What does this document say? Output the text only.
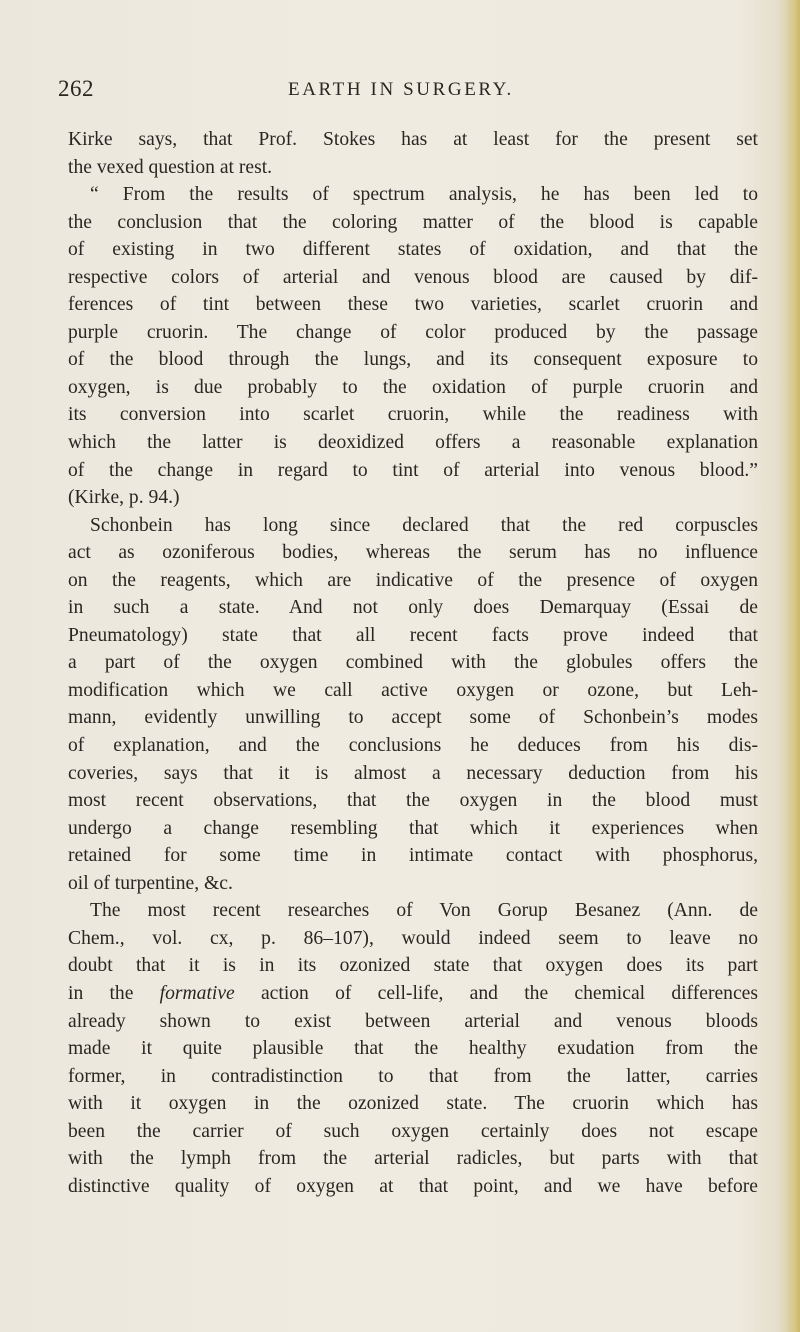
262	EARTH IN SURGERY.
Kirke says, that Prof. Stokes has at least for the present set
the vexed question at rest.
“ From the results of spectrum analysis, he has been led to
the conclusion that the coloring matter of the blood is capable
of existing in two different states of oxidation, and that the
respective colors of arterial and venous blood are caused by dif-
ferences of tint between these two varieties, scarlet cruorin and
purple cruorin. The change of color produced by the passage
of the blood through the lungs, and its consequent exposure to
oxygen, is due probably to the oxidation of purple cruorin and
its conversion into scarlet cruorin, while the readiness with
which the latter is deoxidized offers a reasonable explanation
of the change in regard to tint of arterial into venous blood.”
(Kirke, p. 94.)
Schonbein has long since declared that the red corpuscles
act as ozoniferous bodies, whereas the serum has no influence
on the reagents, which are indicative of the presence of oxygen
in such a state. And not only does Demarquay (Essai de
Pneumatology) state that all recent facts prove indeed that
a part of the oxygen combined with the globules offers the
modification which we call active oxygen or ozone, but Leh-
mann, evidently unwilling to accept some of Schonbein’s modes
of explanation, and the conclusions he deduces from his dis-
coveries, says that it is almost a necessary deduction from his
most recent observations, that the oxygen in the blood must
undergo a change resembling that which it experiences when
retained for some time in intimate contact with phosphorus,
oil of turpentine, &c.
The most recent researches of Von Gorup Besanez (Ann. de
Chem., vol. cx, p. 86–107), would indeed seem to leave no
doubt that it is in its ozonized state that oxygen does its part
in the formative action of cell-life, and the chemical differences
already shown to exist between arterial and venous bloods
made it quite plausible that the healthy exudation from the
former, in contradistinction to that from the latter, carries
with it oxygen in the ozonized state. The cruorin which has
been the carrier of such oxygen certainly does not escape
with the lymph from the arterial radicles, but parts with that
distinctive quality of oxygen at that point, and we have before
